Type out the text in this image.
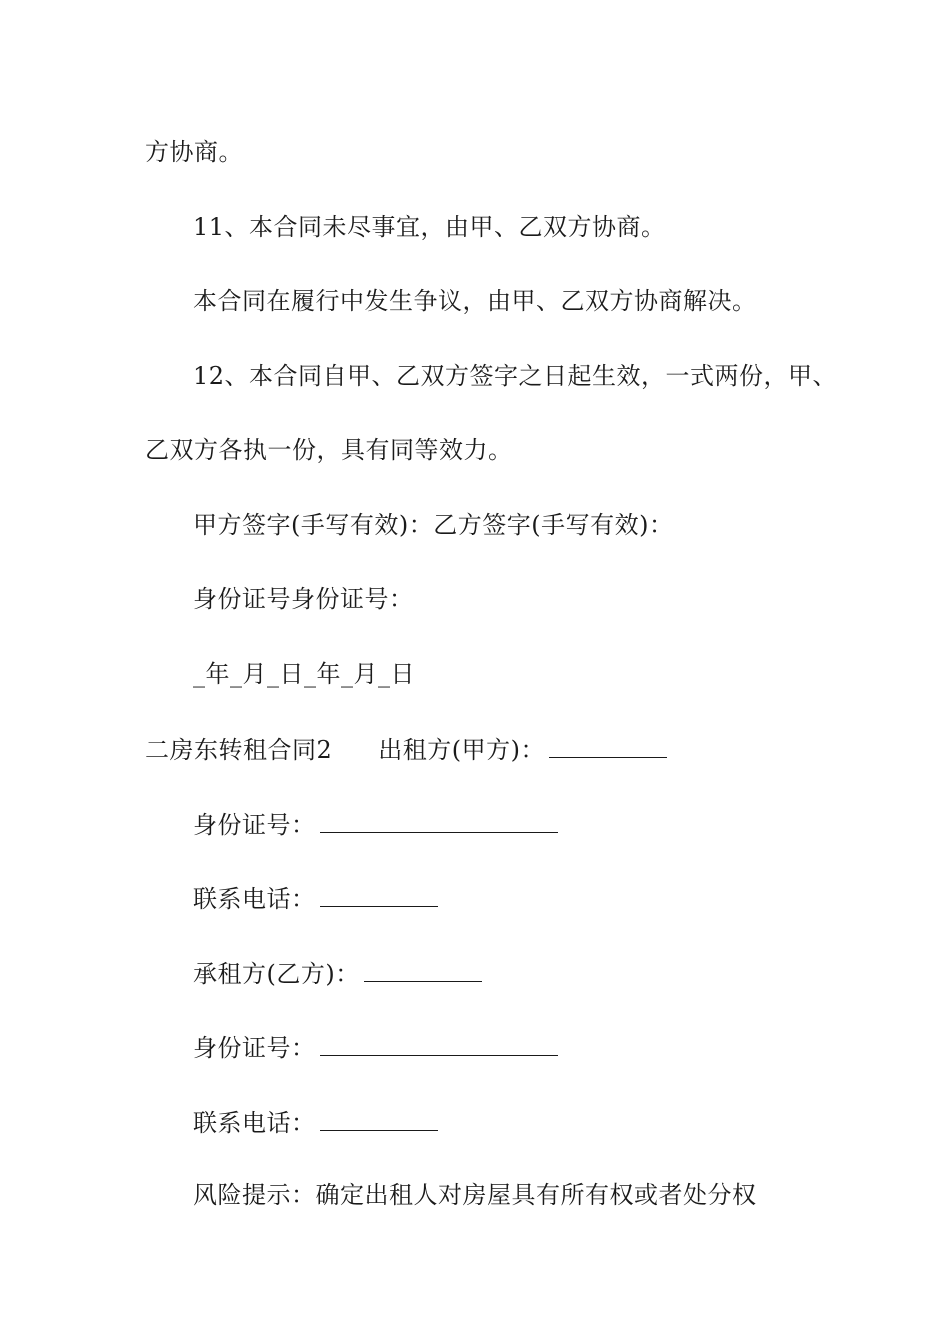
方协商。
11、本合同未尽事宜，由甲、乙双方协商。
本合同在履行中发生争议，由甲、乙双方协商解决。
12、本合同自甲、乙双方签字之日起生效，一式两份，甲、
乙双方各执一份，具有同等效力。
甲方签字(手写有效)：乙方签字(手写有效)：
身份证号身份证号：
_年_月_日_年_月_日
二房东转租合同2 出租方(甲方)：
身份证号：
联系电话：
承租方(乙方)：
身份证号：
联系电话：
风险提示：确定出租人对房屋具有所有权或者处分权
